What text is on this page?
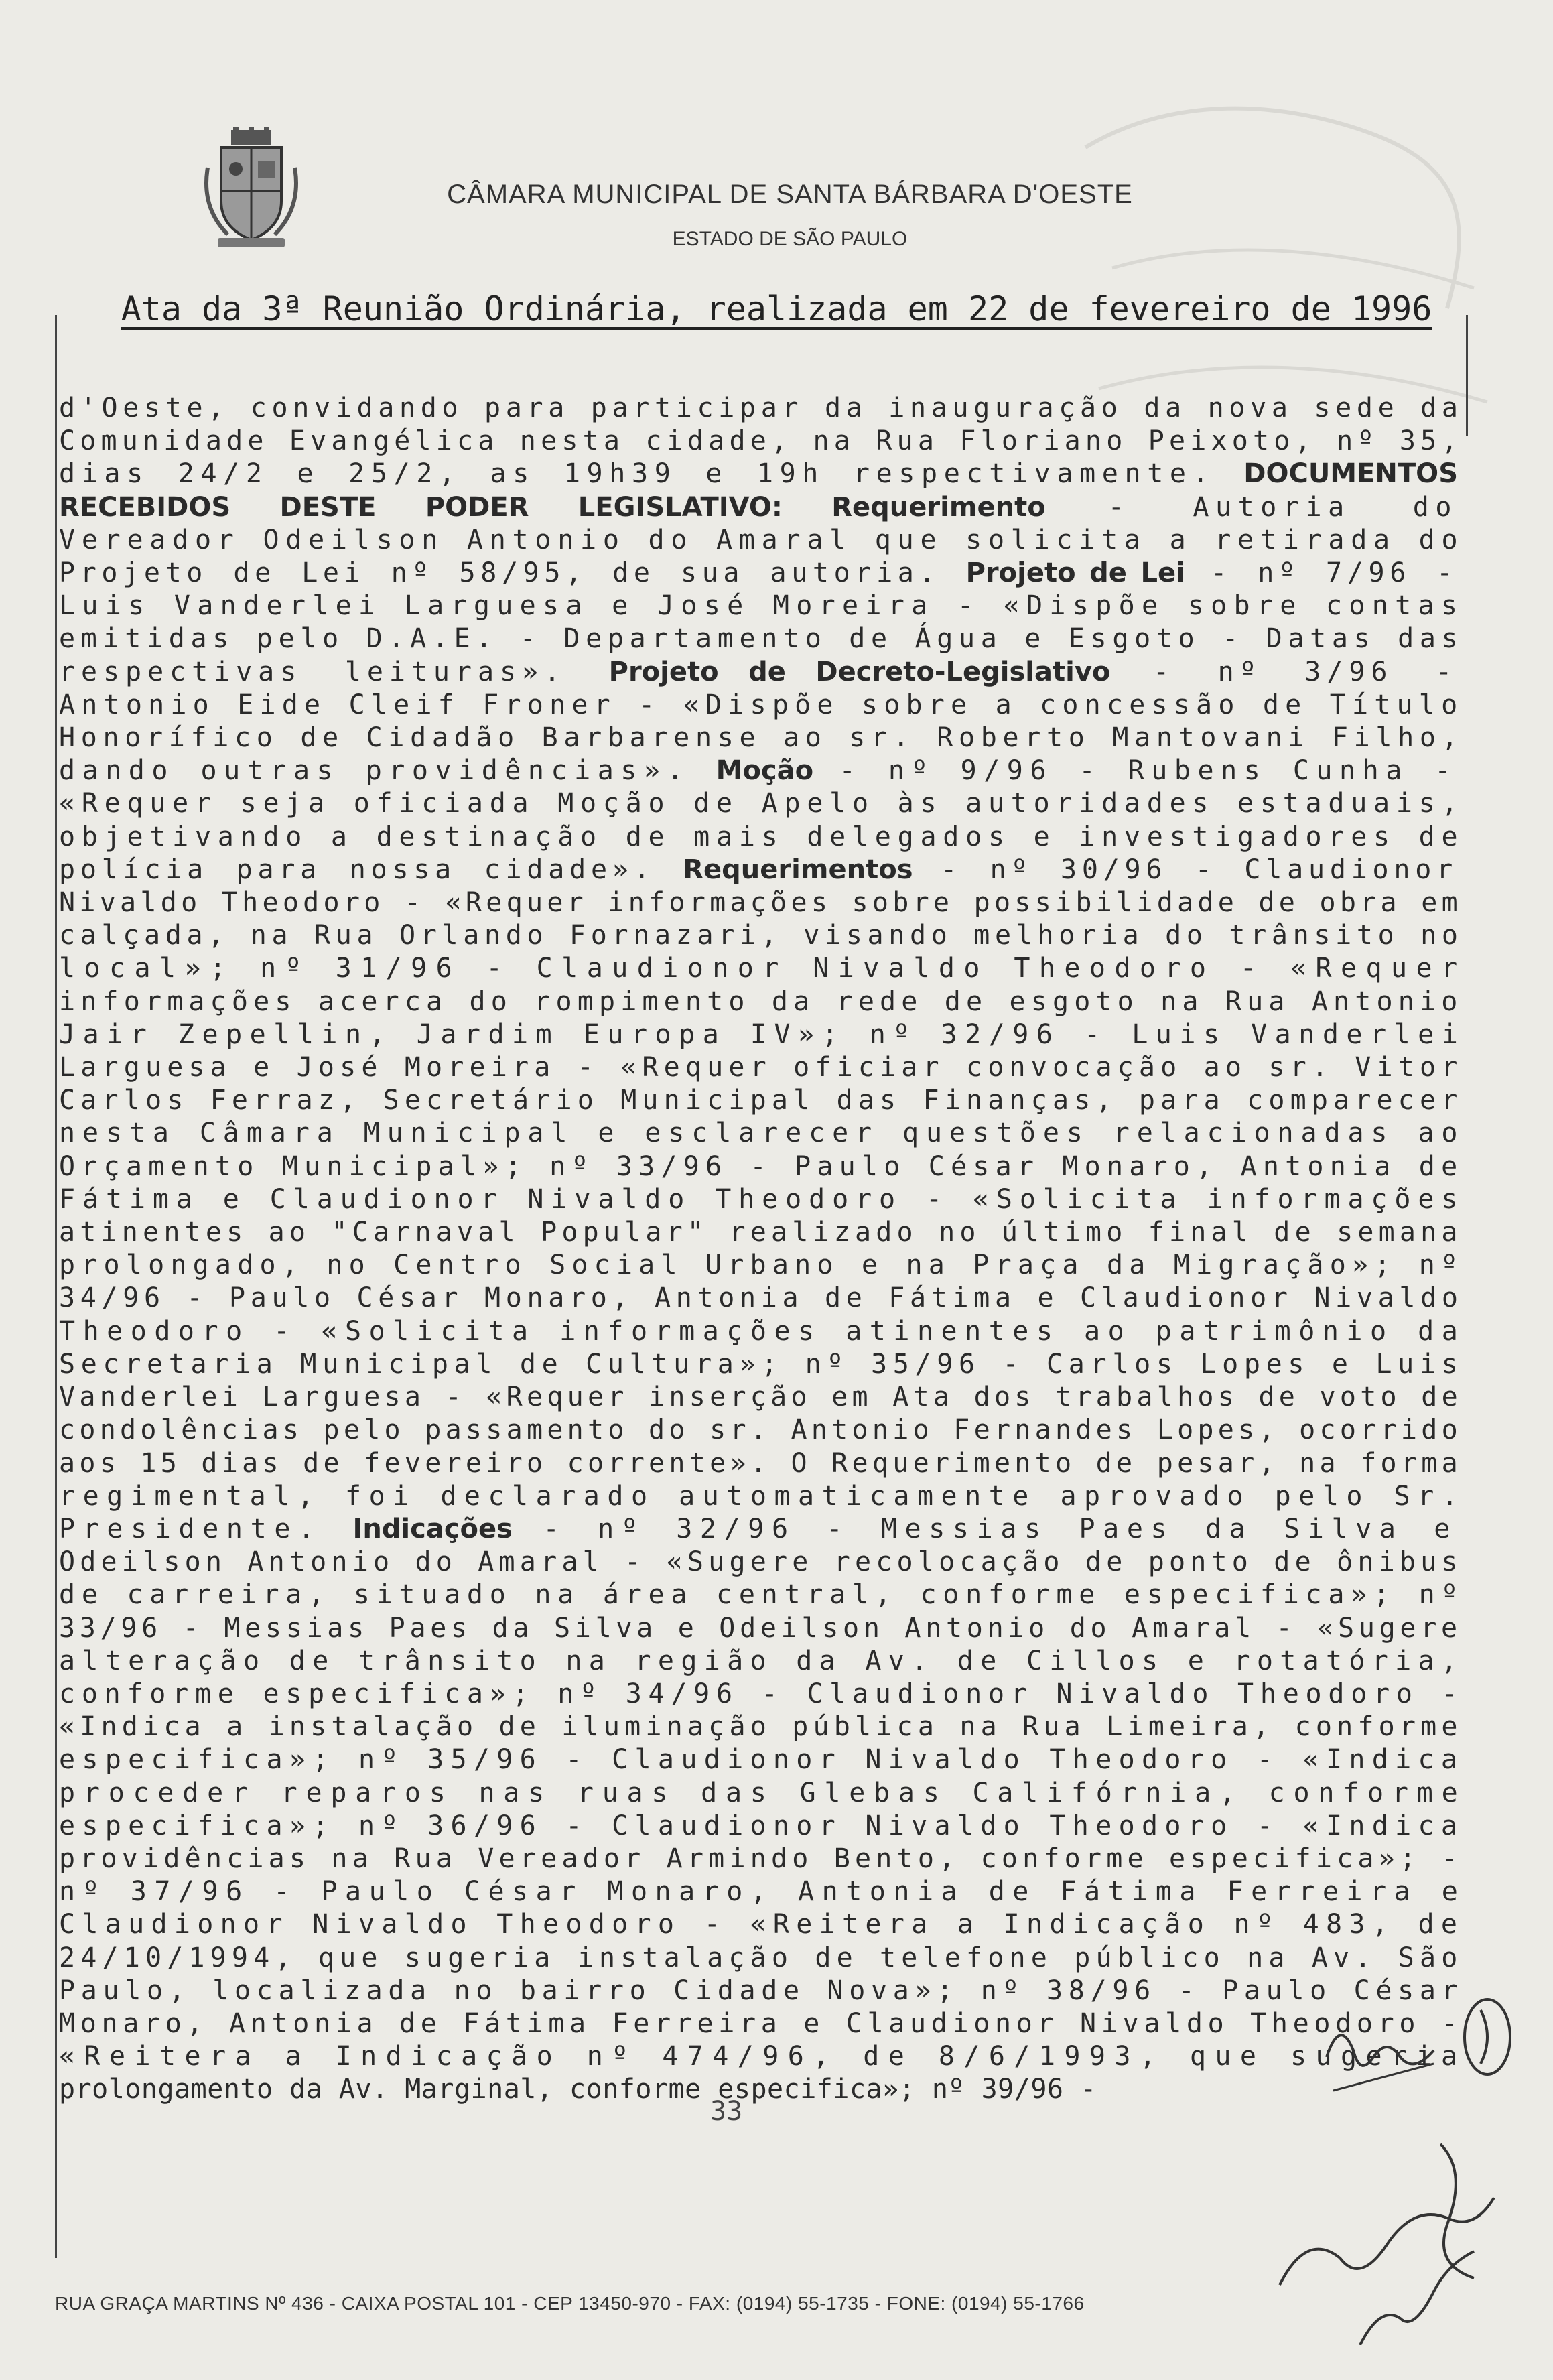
CÂMARA MUNICIPAL DE SANTA BÁRBARA D'OESTE
ESTADO DE SÃO PAULO
Ata da 3ª Reunião Ordinária, realizada em 22 de fevereiro de 1996
d'Oeste, convidando para participar da inauguração da nova sede da
Comunidade Evangélica nesta cidade, na Rua Floriano Peixoto, nº 35,
dias 24/2 e 25/2, as 19h39 e 19h respectivamente. DOCUMENTOS
RECEBIDOS DESTE PODER LEGISLATIVO: Requerimento - Autoria do
Vereador Odeilson Antonio do Amaral que solicita a retirada do
Projeto de Lei nº 58/95, de sua autoria. Projeto de Lei - nº 7/96 -
Luis Vanderlei Larguesa e José Moreira - «Dispõe sobre contas
emitidas pelo D.A.E. - Departamento de Água e Esgoto - Datas das
respectivas leituras». Projeto de Decreto-Legislativo - nº 3/96 -
Antonio Eide Cleif Froner - «Dispõe sobre a concessão de Título
Honorífico de Cidadão Barbarense ao sr. Roberto Mantovani Filho,
dando outras providências». Moção - nº 9/96 - Rubens Cunha -
«Requer seja oficiada Moção de Apelo às autoridades estaduais,
objetivando a destinação de mais delegados e investigadores de
polícia para nossa cidade». Requerimentos - nº 30/96 - Claudionor
Nivaldo Theodoro - «Requer informações sobre possibilidade de obra em
calçada, na Rua Orlando Fornazari, visando melhoria do trânsito no
local»; nº 31/96 - Claudionor Nivaldo Theodoro - «Requer
informações acerca do rompimento da rede de esgoto na Rua Antonio
Jair Zepellin, Jardim Europa IV»; nº 32/96 - Luis Vanderlei
Larguesa e José Moreira - «Requer oficiar convocação ao sr. Vitor
Carlos Ferraz, Secretário Municipal das Finanças, para comparecer
nesta Câmara Municipal e esclarecer questões relacionadas ao
Orçamento Municipal»; nº 33/96 - Paulo César Monaro, Antonia de
Fátima e Claudionor Nivaldo Theodoro - «Solicita informações
atinentes ao "Carnaval Popular" realizado no último final de semana
prolongado, no Centro Social Urbano e na Praça da Migração»; nº
34/96 - Paulo César Monaro, Antonia de Fátima e Claudionor Nivaldo
Theodoro - «Solicita informações atinentes ao patrimônio da
Secretaria Municipal de Cultura»; nº 35/96 - Carlos Lopes e Luis
Vanderlei Larguesa - «Requer inserção em Ata dos trabalhos de voto de
condolências pelo passamento do sr. Antonio Fernandes Lopes, ocorrido
aos 15 dias de fevereiro corrente». O Requerimento de pesar, na forma
regimental, foi declarado automaticamente aprovado pelo Sr.
Presidente. Indicações - nº 32/96 - Messias Paes da Silva e
Odeilson Antonio do Amaral - «Sugere recolocação de ponto de ônibus
de carreira, situado na área central, conforme especifica»; nº
33/96 - Messias Paes da Silva e Odeilson Antonio do Amaral - «Sugere
alteração de trânsito na região da Av. de Cillos e rotatória,
conforme especifica»; nº 34/96 - Claudionor Nivaldo Theodoro -
«Indica a instalação de iluminação pública na Rua Limeira, conforme
especifica»; nº 35/96 - Claudionor Nivaldo Theodoro - «Indica
proceder reparos nas ruas das Glebas Califórnia, conforme
especifica»; nº 36/96 - Claudionor Nivaldo Theodoro - «Indica
providências na Rua Vereador Armindo Bento, conforme especifica»; -
nº 37/96 - Paulo César Monaro, Antonia de Fátima Ferreira e
Claudionor Nivaldo Theodoro - «Reitera a Indicação nº 483, de
24/10/1994, que sugeria instalação de telefone público na Av. São
Paulo, localizada no bairro Cidade Nova»; nº 38/96 - Paulo César
Monaro, Antonia de Fátima Ferreira e Claudionor Nivaldo Theodoro -
«Reitera a Indicação nº 474/96, de 8/6/1993, que sugeria
prolongamento da Av. Marginal, conforme especifica»; nº 39/96 -
33
RUA GRAÇA MARTINS Nº 436 - CAIXA POSTAL 101 - CEP 13450-970 - FAX: (0194) 55-1735 - FONE: (0194) 55-1766
